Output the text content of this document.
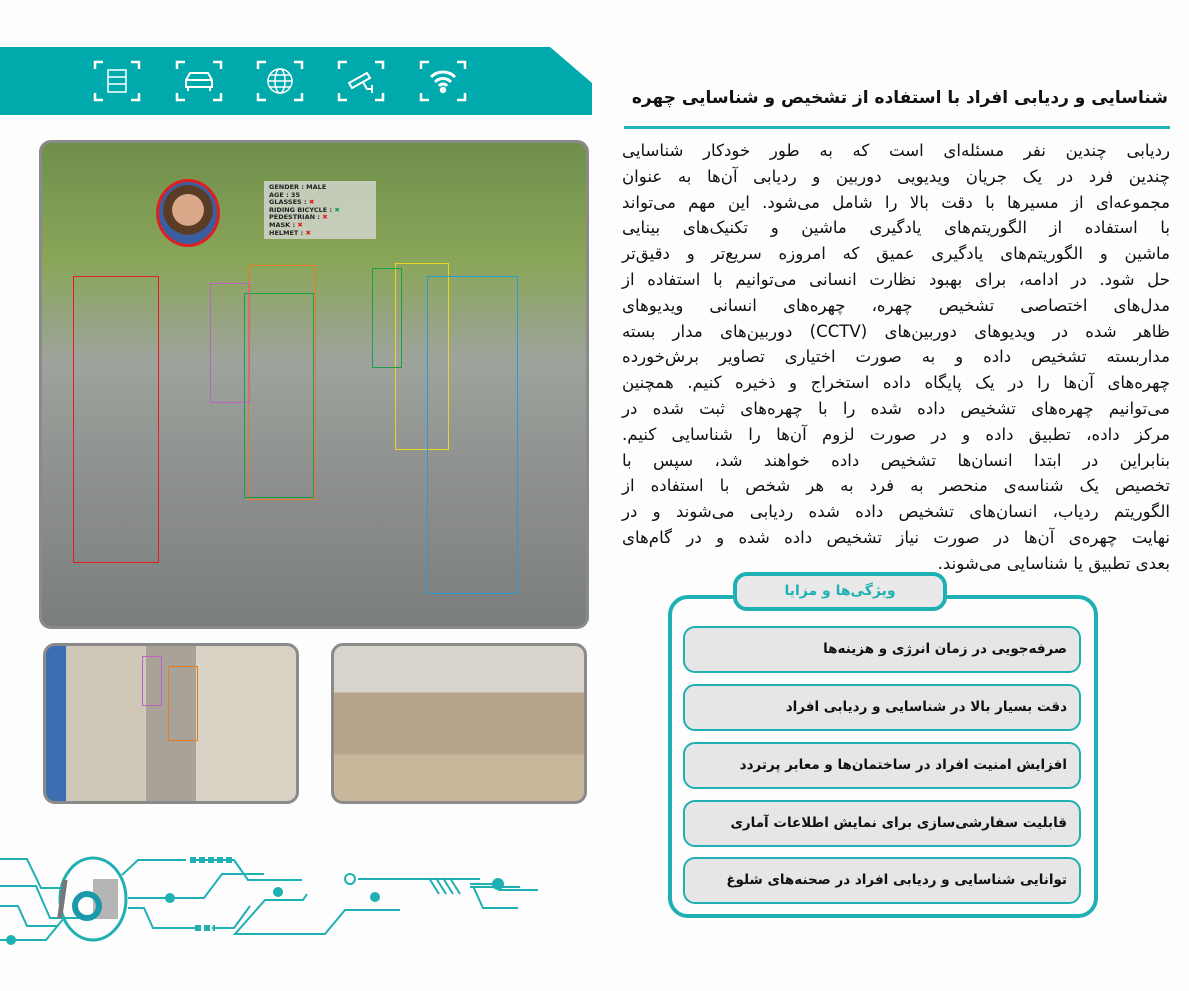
شناسایی و ردیابی افراد با استفاده از تشخیص و شناسایی چهره
ردیابی چندین نفر مسئله‌ای است که به طور خودکار شناسایی
چندین فرد در یک جریان ویدیویی دوربین و ردیابی آن‌ها به عنوان
مجموعه‌ای از مسیرها با دقت بالا را شامل می‌شود. این مهم می‌تواند
با استفاده از الگوریتم‌های یادگیری ماشین و تکنیک‌های بینایی
ماشین و الگوریتم‌های یادگیری عمیق که امروزه سریع‌تر و دقیق‌تر
حل شود. در ادامه، برای بهبود نظارت انسانی می‌توانیم با استفاده از
مدل‌های اختصاصی تشخیص چهره، چهره‌های انسانی ویدیوهای
ظاهر شده در ویدیوهای دوربین‌های (CCTV) دوربین‌های مدار بسته
مداربسته تشخیص داده و به صورت اختیاری تصاویر برش‌خورده
چهره‌های آن‌ها را در یک پایگاه داده استخراج و ذخیره کنیم. همچنین
می‌توانیم چهره‌های تشخیص داده شده را با چهره‌های ثبت شده در
مرکز داده، تطبیق داده و در صورت لزوم آن‌ها را شناسایی کنیم.
بنابراین در ابتدا انسان‌ها تشخیص داده خواهند شد، سپس با
تخصیص یک شناسه‌ی منحصر به فرد به هر شخص با استفاده از
الگوریتم ردیاب، انسان‌های تشخیص داده شده ردیابی می‌شوند و در
نهایت چهره‌ی آن‌ها در صورت نیاز تشخیص داده شده و در گام‌های
بعدی تطبیق یا شناسایی می‌شوند.
GENDER : MALE
AGE : 35
GLASSES : ✖
RIDING BICYCLE : ✖
PEDESTRIAN : ✖
MASK : ✖
HELMET : ✖
ویژگی‌ها و مزایا
صرفه‌جویی در زمان انرژی و هزینه‌ها
دقت بسیار بالا در شناسایی و ردیابی افراد
افزایش امنیت افراد در ساختمان‌ها و معابر پرتردد
قابلیت سفارشی‌سازی برای نمایش اطلاعات آماری
توانایی شناسایی و ردیابی افراد در صحنه‌های شلوغ
